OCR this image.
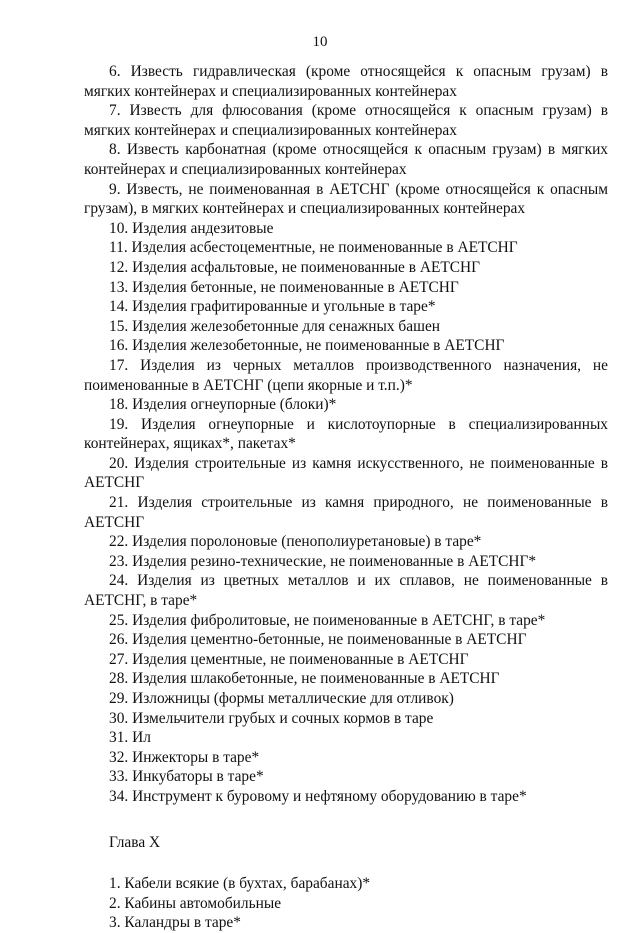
10

6. Известь гидравлическая (кроме относящейся к опасным грузам) в мягких контейнерах и специализированных контейнерах

7. Известь для флюсования (кроме относящейся к опасным грузам) в мягких контейнерах и специализированных контейнерах

8. Известь карбонатная (кроме относящейся к опасным грузам) в мягких контейнерах и специализированных контейнерах

9. Известь, не поименованная в АЕТСНГ (кроме относящейся к опасным грузам), в мягких контейнерах и специализированных контейнерах

10. Изделия андезитовые

11. Изделия асбестоцементные, не поименованные в АЕТСНГ

12. Изделия асфальтовые, не поименованные в АЕТСНГ

13. Изделия бетонные, не поименованные в АЕТСНГ

14. Изделия графитированные и угольные в таре*

15. Изделия железобетонные для сенажных башен

16. Изделия железобетонные, не поименованные в АЕТСНГ

17. Изделия из черных металлов производственного назначения, не поименованные в АЕТСНГ (цепи якорные и т.п.)*

18. Изделия огнеупорные (блоки)*

19. Изделия огнеупорные и кислотоупорные в специализированных контейнерах, ящиках*, пакетах*

20. Изделия строительные из камня искусственного, не поименованные в АЕТСНГ

21. Изделия строительные из камня природного, не поименованные в АЕТСНГ

22. Изделия поролоновые (пенополиуретановые) в таре*

23. Изделия резино-технические, не поименованные в АЕТСНГ*

24. Изделия из цветных металлов и их сплавов, не поименованные в АЕТСНГ, в таре*

25. Изделия фибролитовые, не поименованные в АЕТСНГ, в таре*

26. Изделия цементно-бетонные, не поименованные в АЕТСНГ

27. Изделия цементные, не поименованные в АЕТСНГ

28. Изделия шлакобетонные, не поименованные в АЕТСНГ

29. Изложницы (формы металлические для отливок)

30. Измельчители грубых и сочных кормов в таре

31. Ил

32. Инжекторы в таре*

33. Инкубаторы в таре*

34. Инструмент к буровому и нефтяному оборудованию в таре*

Глава X

1. Кабели всякие (в бухтах, барабанах)*

2. Кабины автомобильные

3. Каландры в таре*
